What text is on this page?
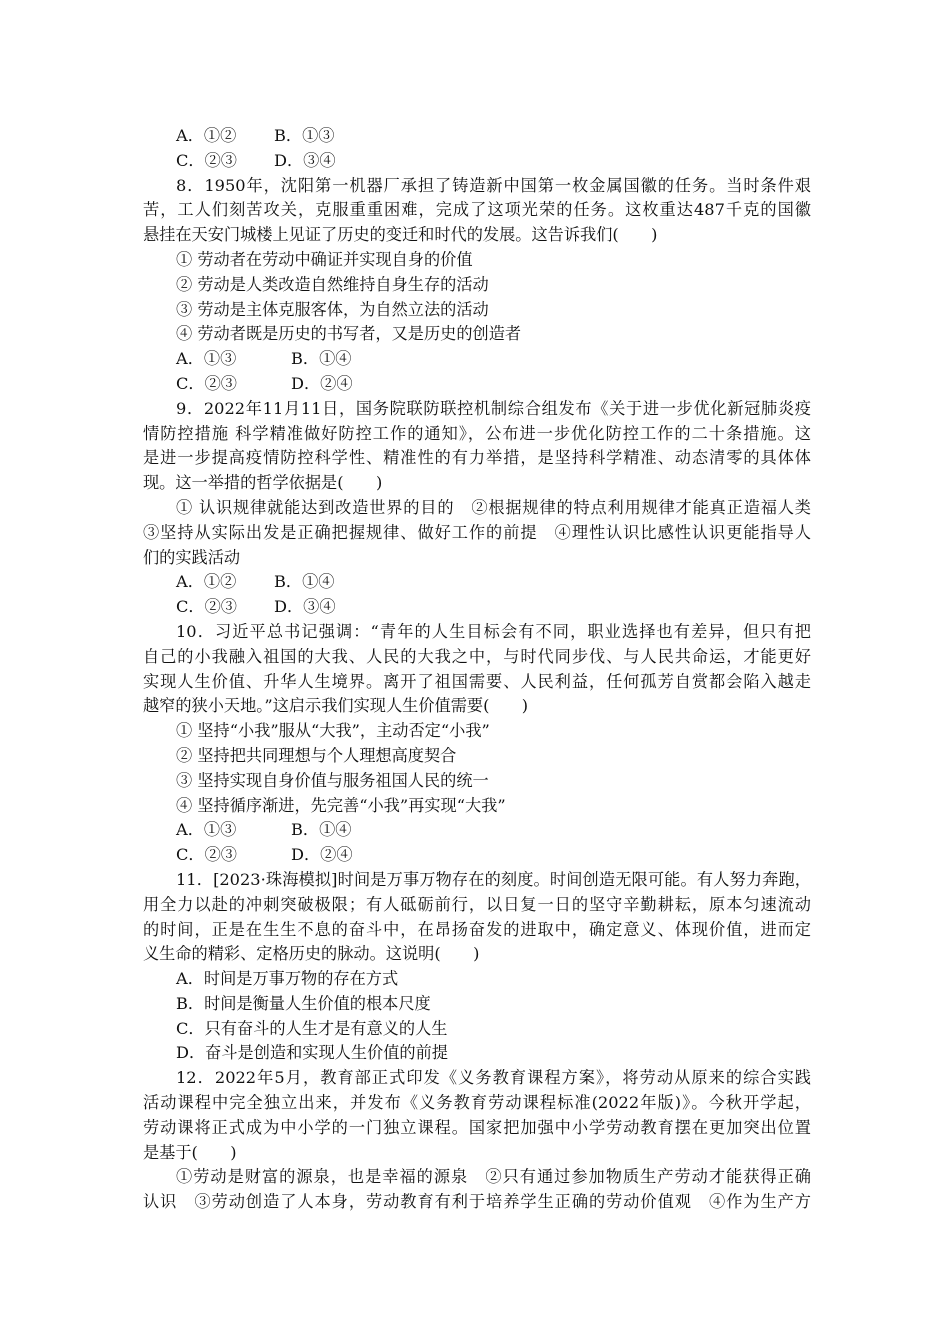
A．①② B．①③
C．②③ D．③④
8．1950年，沈阳第一机器厂承担了铸造新中国第一枚金属国徽的任务。当时条件艰
苦，工人们刻苦攻关，克服重重困难，完成了这项光荣的任务。这枚重达487千克的国徽
悬挂在天安门城楼上见证了历史的变迁和时代的发展。这告诉我们(　　)
① 劳动者在劳动中确证并实现自身的价值
② 劳动是人类改造自然维持自身生存的活动
③ 劳动是主体克服客体，为自然立法的活动
④ 劳动者既是历史的书写者，又是历史的创造者
A．①③	B．①④
C．②③	D．②④
9．2022年11月11日，国务院联防联控机制综合组发布《关于进一步优化新冠肺炎疫
情防控措施 科学精准做好防控工作的通知》，公布进一步优化防控工作的二十条措施。这
是进一步提高疫情防控科学性、精准性的有力举措，是坚持科学精准、动态清零的具体体
现。这一举措的哲学依据是(　　)
① 认识规律就能达到改造世界的目的　②根据规律的特点利用规律才能真正造福人类
③坚持从实际出发是正确把握规律、做好工作的前提　④理性认识比感性认识更能指导人
们的实践活动
A．①② B．①④
C．②③ D．③④
10．习近平总书记强调：“青年的人生目标会有不同，职业选择也有差异，但只有把
自己的小我融入祖国的大我、人民的大我之中，与时代同步伐、与人民共命运，才能更好
实现人生价值、升华人生境界。离开了祖国需要、人民利益，任何孤芳自赏都会陷入越走
越窄的狭小天地。”这启示我们实现人生价值需要(　　)
① 坚持“小我”服从“大我”，主动否定“小我”
② 坚持把共同理想与个人理想高度契合
③ 坚持实现自身价值与服务祖国人民的统一
④ 坚持循序渐进，先完善“小我”再实现“大我”
A．①③	B．①④
C．②③	D．②④
11．[2023·珠海模拟]时间是万事万物存在的刻度。时间创造无限可能。有人努力奔跑，
用全力以赴的冲刺突破极限；有人砥砺前行，以日复一日的坚守辛勤耕耘，原本匀速流动
的时间，正是在生生不息的奋斗中，在昂扬奋发的进取中，确定意义、体现价值，进而定
义生命的精彩、定格历史的脉动。这说明(　　)
A．时间是万事万物的存在方式
B．时间是衡量人生价值的根本尺度
C．只有奋斗的人生才是有意义的人生
D．奋斗是创造和实现人生价值的前提
12．2022年5月，教育部正式印发《义务教育课程方案》，将劳动从原来的综合实践
活动课程中完全独立出来，并发布《义务教育劳动课程标准(2022年版)》。今秋开学起，
劳动课将正式成为中小学的一门独立课程。国家把加强中小学劳动教育摆在更加突出位置
是基于(　　)
①劳动是财富的源泉，也是幸福的源泉　②只有通过参加物质生产劳动才能获得正确
认识　③劳动创造了人本身，劳动教育有利于培养学生正确的劳动价值观　④作为生产方
